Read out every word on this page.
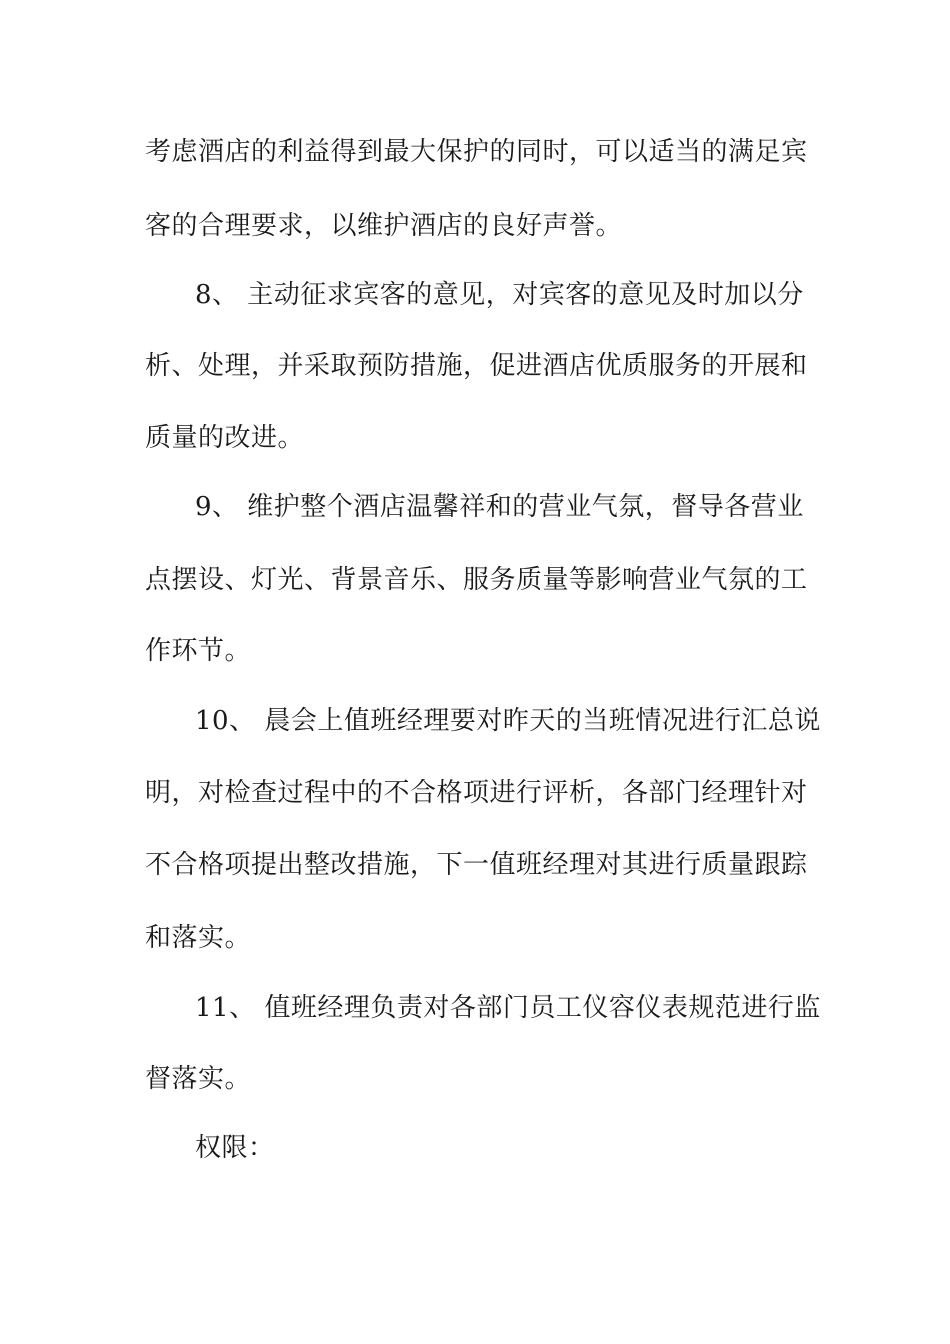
考虑酒店的利益得到最大保护的同时，可以适当的满足宾
客的合理要求，以维护酒店的良好声誉。
8、 主动征求宾客的意见，对宾客的意见及时加以分
析、处理，并采取预防措施，促进酒店优质服务的开展和
质量的改进。
9、 维护整个酒店温馨祥和的营业气氛，督导各营业
点摆设、灯光、背景音乐、服务质量等影响营业气氛的工
作环节。
10、 晨会上值班经理要对昨天的当班情况进行汇总说
明，对检查过程中的不合格项进行评析，各部门经理针对
不合格项提出整改措施，下一值班经理对其进行质量跟踪
和落实。
11、 值班经理负责对各部门员工仪容仪表规范进行监
督落实。
权限：
